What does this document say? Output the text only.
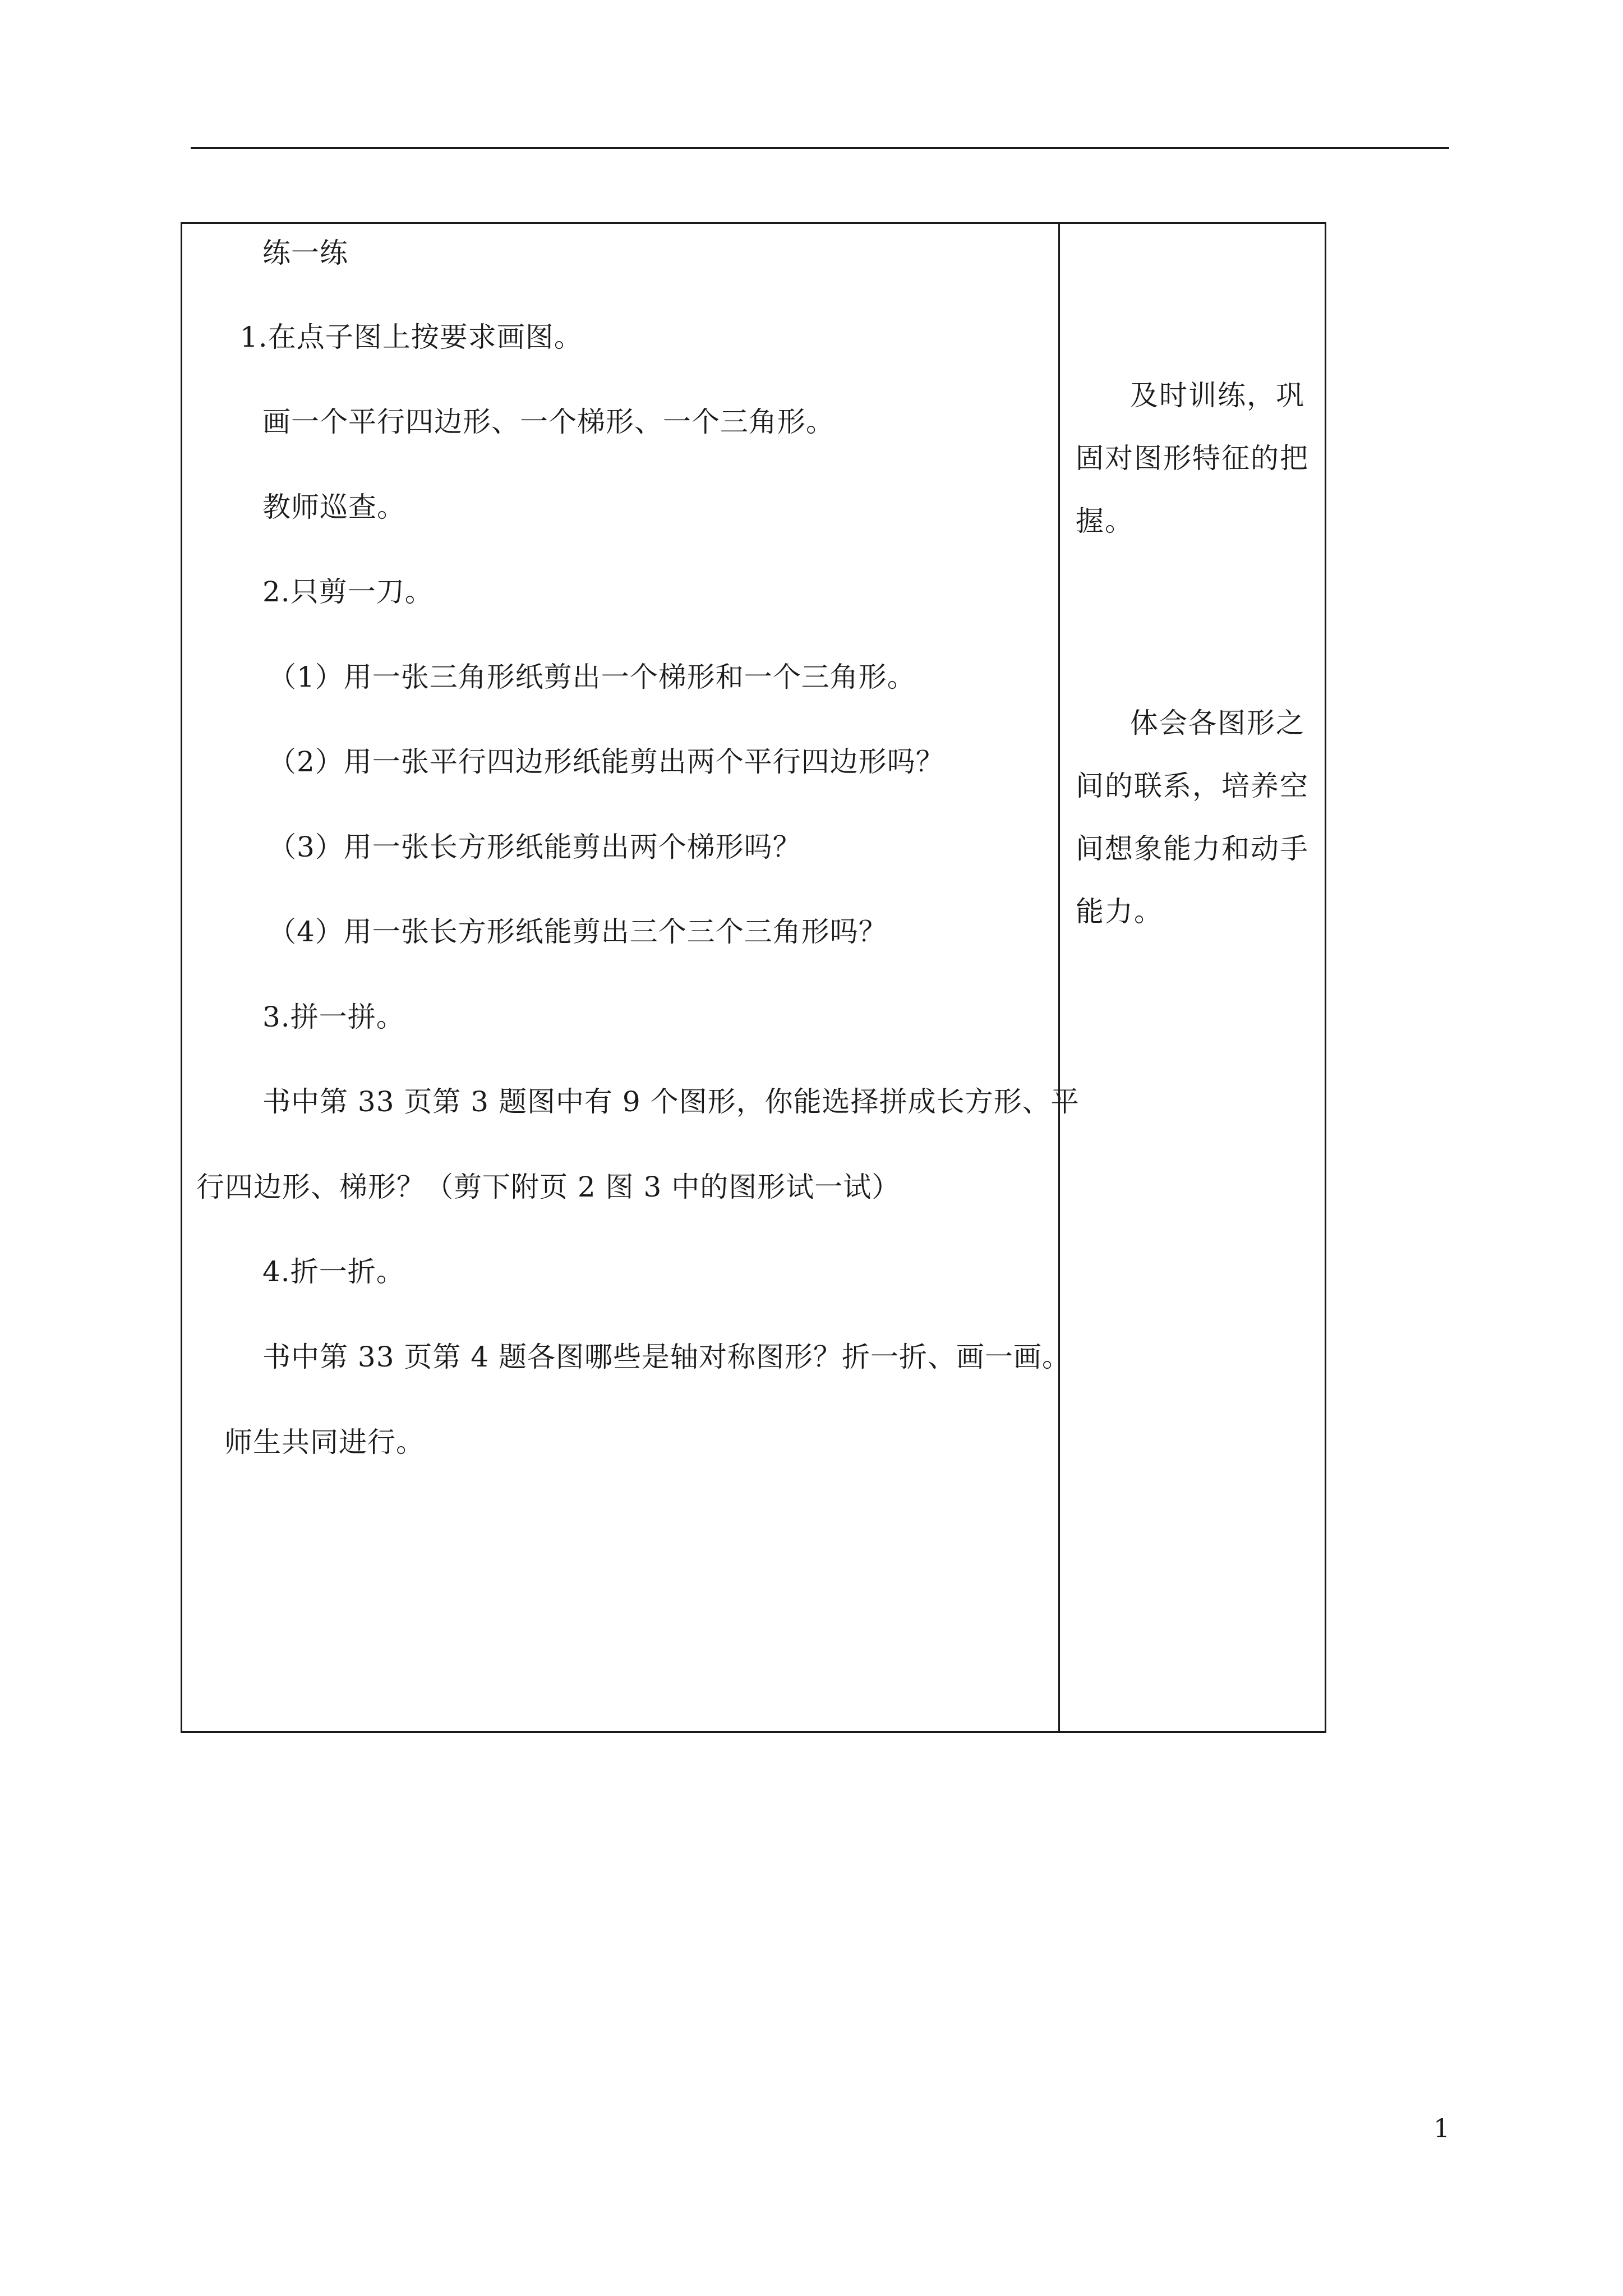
练一练
1.在点子图上按要求画图。
画一个平行四边形、一个梯形、一个三角形。
教师巡查。
2.只剪一刀。
（1）用一张三角形纸剪出一个梯形和一个三角形。
（2）用一张平行四边形纸能剪出两个平行四边形吗？
（3）用一张长方形纸能剪出两个梯形吗？
（4）用一张长方形纸能剪出三个三个三角形吗？
3.拼一拼。
书中第 33 页第 3 题图中有 9 个图形，你能选择拼成长方形、平
行四边形、梯形？（剪下附页 2 图 3 中的图形试一试）
4.折一折。
书中第 33 页第 4 题各图哪些是轴对称图形？折一折、画一画。
师生共同进行。
及时训练，巩
固对图形特征的把
握。
体会各图形之
间的联系，培养空
间想象能力和动手
能力。
1
